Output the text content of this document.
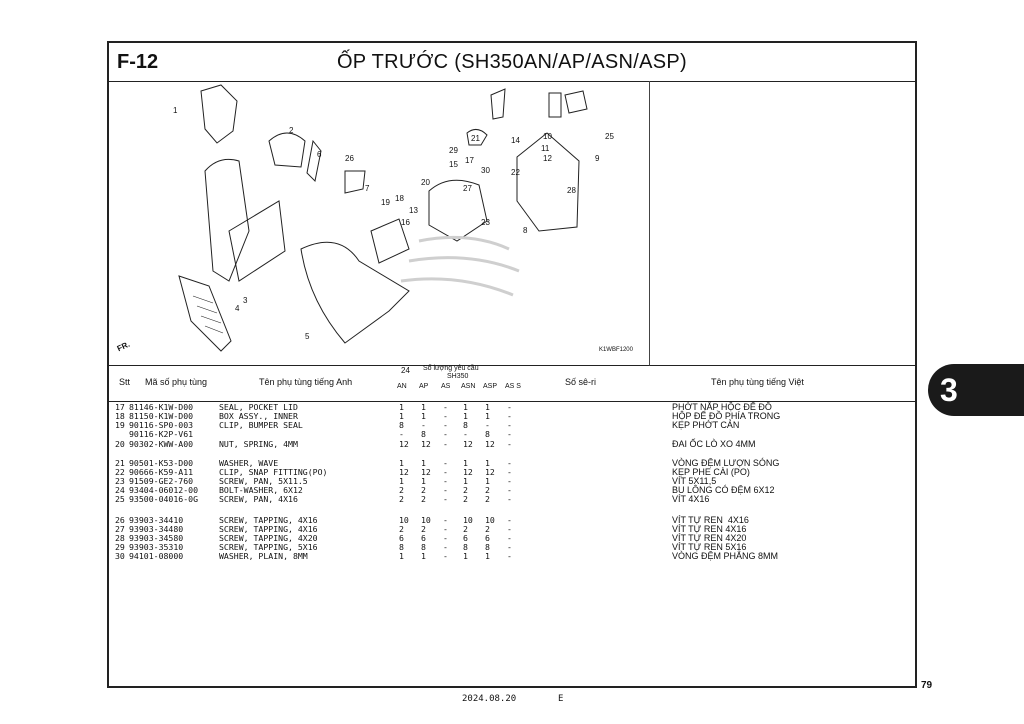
F-12	ỐP TRƯỚC (SH350AN/AP/ASN/ASP)
1
2
3
4
5
6
7
8
9
10
11
12
13
14
15
16
17
18
19
20
21
22
23
24
25
26
27	28
29
30
FR.	K1WBF1200
Stt Mã số phụ tùng	Tên phụ tùng tiếng Anh
Số lượng yêu cầu
SH350
AN AP AS ASN ASP AS S	Số sê-ri	Tên phụ tùng tiếng Việt
17 81146-K1W-D00	SEAL, POCKET LID	1 1 - 1 1 -	PHỚT NẮP HỘC ĐỂ ĐỒ
18 81150-K1W-D00	BOX ASSY., INNER	1 1 - 1 1 -	HỘP ĐỂ ĐỒ PHÍA TRONG
19 90116-SP0-003	CLIP, BUMPER SEAL	8 - - 8 - -	KẸP PHỚT CẢN
90116-K2P-V61	- 8 - - 8 -
20 90302-KWW-A00	NUT, SPRING, 4MM	12 12 - 12 12 -	ĐAI ỐC LÒ XO 4MM
21 90501-K53-D00	WASHER, WAVE	1 1 - 1 1 -	VÒNG ĐỆM LƯỢN SÓNG
22 90666-K59-A11	CLIP, SNAP FITTING(PO)	12 12 - 12 12 -	KẸP PHE CÀI (PO)
23 91509-GE2-760	SCREW, PAN, 5X11.5	1 1 - 1 1 -	VÍT 5X11,5
24 93404-06012-00	BOLT-WASHER, 6X12	2 2 - 2 2 -	BU LÔNG CÓ ĐỆM 6X12
25 93500-04016-0G	SCREW, PAN, 4X16	2 2 - 2 2 -	VÍT 4X16
26 93903-34410	SCREW, TAPPING, 4X16	10 10 - 10 10 -	VÍT TỰ REN  4X16
27 93903-34480	SCREW, TAPPING, 4X16	2 2 - 2 2 -	VÍT TỰ REN 4X16
28 93903-34580	SCREW, TAPPING, 4X20	6 6 - 6 6 -	VÍT TỰ REN 4X20
29 93903-35310	SCREW, TAPPING, 5X16	8 8 - 8 8 -	VÍT TỰ REN 5X16
30 94101-08000	WASHER, PLAIN, 8MM	1 1 - 1 1 -	VÒNG ĐỆM PHẲNG 8MM
3
79
2024.08.20	E
